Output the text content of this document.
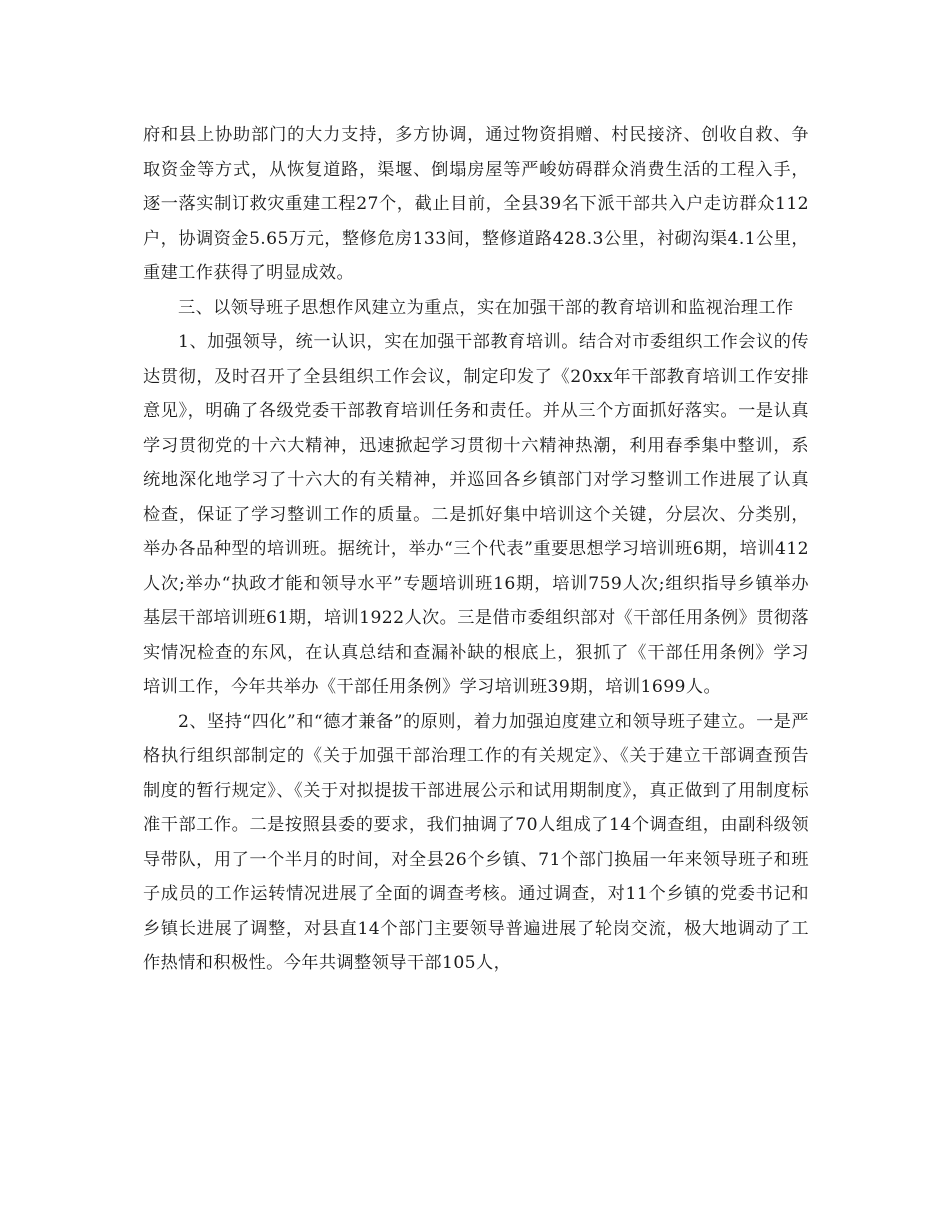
府和县上协助部门的大力支持，多方协调，通过物资捐赠、村民接济、创收自救、争取资金等方式，从恢复道路，渠堰、倒塌房屋等严峻妨碍群众消费生活的工程入手，逐一落实制订救灾重建工程27个，截止目前，全县39名下派干部共入户走访群众112户，协调资金5.65万元，整修危房133间，整修道路428.3公里，衬砌沟渠4.1公里，重建工作获得了明显成效。

三、以领导班子思想作风建立为重点，实在加强干部的教育培训和监视治理工作

1、加强领导，统一认识，实在加强干部教育培训。结合对市委组织工作会议的传达贯彻，及时召开了全县组织工作会议，制定印发了《20xx年干部教育培训工作安排意见》，明确了各级党委干部教育培训任务和责任。并从三个方面抓好落实。一是认真学习贯彻党的十六大精神，迅速掀起学习贯彻十六精神热潮，利用春季集中整训，系统地深化地学习了十六大的有关精神，并巡回各乡镇部门对学习整训工作进展了认真检查，保证了学习整训工作的质量。二是抓好集中培训这个关键，分层次、分类别，举办各品种型的培训班。据统计，举办“三个代表”重要思想学习培训班6期，培训412人次;举办“执政才能和领导水平”专题培训班16期，培训759人次;组织指导乡镇举办基层干部培训班61期，培训1922人次。三是借市委组织部对《干部任用条例》贯彻落实情况检查的东风，在认真总结和查漏补缺的根底上，狠抓了《干部任用条例》学习培训工作，今年共举办《干部任用条例》学习培训班39期，培训1699人。

2、坚持“四化”和“德才兼备”的原则，着力加强迫度建立和领导班子建立。一是严格执行组织部制定的《关于加强干部治理工作的有关规定》、《关于建立干部调查预告制度的暂行规定》、《关于对拟提拔干部进展公示和试用期制度》，真正做到了用制度标准干部工作。二是按照县委的要求，我们抽调了70人组成了14个调查组，由副科级领导带队，用了一个半月的时间，对全县26个乡镇、71个部门换届一年来领导班子和班子成员的工作运转情况进展了全面的调查考核。通过调查，对11个乡镇的党委书记和乡镇长进展了调整，对县直14个部门主要领导普遍进展了轮岗交流，极大地调动了工作热情和积极性。今年共调整领导干部105人，
